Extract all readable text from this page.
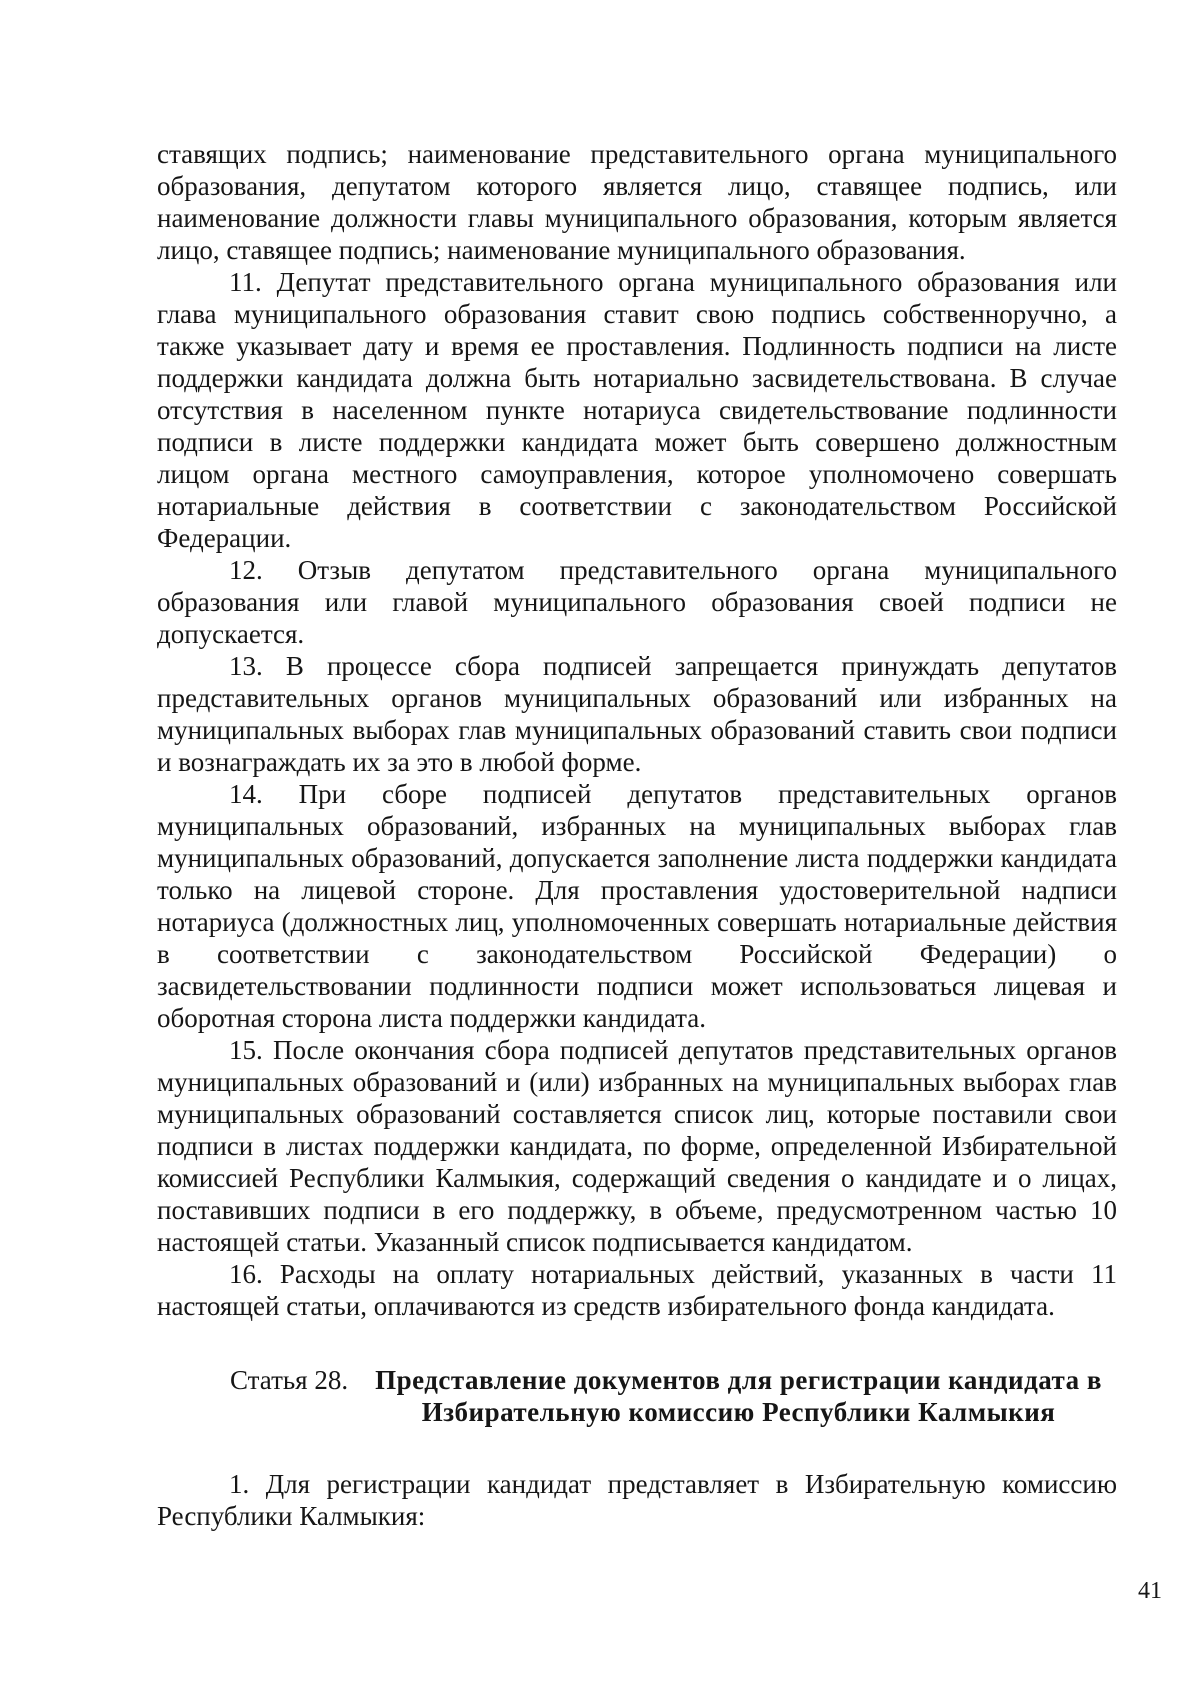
ставящих подпись; наименование представительного органа муниципального образования, депутатом которого является лицо, ставящее подпись, или наименование должности главы муниципального образования, которым является лицо, ставящее подпись; наименование муниципального образования.

11. Депутат представительного органа муниципального образования или глава муниципального образования ставит свою подпись собственноручно, а также указывает дату и время ее проставления. Подлинность подписи на листе поддержки кандидата должна быть нотариально засвидетельствована. В случае отсутствия в населенном пункте нотариуса свидетельствование подлинности подписи в листе поддержки кандидата может быть совершено должностным лицом органа местного самоуправления, которое уполномочено совершать нотариальные действия в соответствии с законодательством Российской Федерации.

12. Отзыв депутатом представительного органа муниципального образования или главой муниципального образования своей подписи не допускается.

13. В процессе сбора подписей запрещается принуждать депутатов представительных органов муниципальных образований или избранных на муниципальных выборах глав муниципальных образований ставить свои подписи и вознаграждать их за это в любой форме.

14. При сборе подписей депутатов представительных органов муниципальных образований, избранных на муниципальных выборах глав муниципальных образований, допускается заполнение листа поддержки кандидата только на лицевой стороне. Для проставления удостоверительной надписи нотариуса (должностных лиц, уполномоченных совершать нотариальные действия в соответствии с законодательством Российской Федерации) о засвидетельствовании подлинности подписи может использоваться лицевая и оборотная сторона листа поддержки кандидата.

15. После окончания сбора подписей депутатов представительных органов муниципальных образований и (или) избранных на муниципальных выборах глав муниципальных образований составляется список лиц, которые поставили свои подписи в листах поддержки кандидата, по форме, определенной Избирательной комиссией Республики Калмыкия, содержащий сведения о кандидате и о лицах, поставивших подписи в его поддержку, в объеме, предусмотренном частью 10 настоящей статьи. Указанный список подписывается кандидатом.

16. Расходы на оплату нотариальных действий, указанных в части 11 настоящей статьи, оплачиваются из средств избирательного фонда кандидата.

Статья 28.	Представление документов для регистрации кандидата в Избирательную комиссию Республики Калмыкия

1. Для регистрации кандидат представляет в Избирательную комиссию Республики Калмыкия:

41
